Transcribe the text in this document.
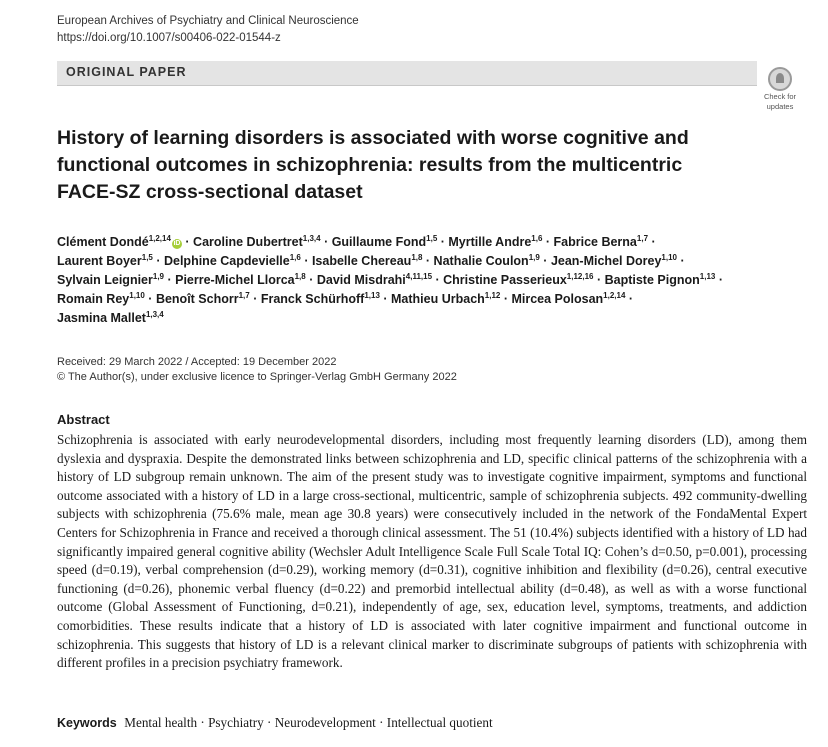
European Archives of Psychiatry and Clinical Neuroscience
https://doi.org/10.1007/s00406-022-01544-z
ORIGINAL PAPER
Check for
updates
History of learning disorders is associated with worse cognitive and functional outcomes in schizophrenia: results from the multicentric FACE-SZ cross-sectional dataset
Clément Dondé$^{1,2,14}$iD · Caroline Dubertret$^{1,3,4}$ · Guillaume Fond$^{1,5}$ · Myrtille Andre$^{1,6}$ · Fabrice Berna$^{1,7}$ ·
Laurent Boyer$^{1,5}$ · Delphine Capdevielle$^{1,6}$ · Isabelle Chereau$^{1,8}$ · Nathalie Coulon$^{1,9}$ · Jean-Michel Dorey$^{1,10}$ ·
Sylvain Leignier$^{1,9}$ · Pierre-Michel Llorca$^{1,8}$ · David Misdrahi$^{4,11,15}$ · Christine Passerieux$^{1,12,16}$ · Baptiste Pignon$^{1,13}$ ·
Romain Rey$^{1,10}$ · Benoît Schorr$^{1,7}$ · Franck Schürhoff$^{1,13}$ · Mathieu Urbach$^{1,12}$ · Mircea Polosan$^{1,2,14}$ ·
Jasmina Mallet$^{1,3,4}$
Received: 29 March 2022 / Accepted: 19 December 2022
© The Author(s), under exclusive licence to Springer-Verlag GmbH Germany 2022
Abstract
Schizophrenia is associated with early neurodevelopmental disorders, including most frequently learning disorders (LD), among them dyslexia and dyspraxia. Despite the demonstrated links between schizophrenia and LD, specific clinical patterns of the schizophrenia with a history of LD subgroup remain unknown. The aim of the present study was to investigate cognitive impairment, symptoms and functional outcome associated with a history of LD in a large cross-sectional, multicentric, sample of schizophrenia subjects. 492 community-dwelling subjects with schizophrenia (75.6% male, mean age 30.8 years) were consecutively included in the network of the FondaMental Expert Centers for Schizophrenia in France and received a thorough clinical assessment. The 51 (10.4%) subjects identified with a history of LD had significantly impaired general cognitive ability (Wechsler Adult Intelligence Scale Full Scale Total IQ: Cohen’s d=0.50, p=0.001), processing speed (d=0.19), verbal comprehension (d=0.29), working memory (d=0.31), cognitive inhibition and flexibility (d=0.26), central executive functioning (d=0.26), phonemic verbal fluency (d=0.22) and premorbid intellectual ability (d=0.48), as well as with a worse functional outcome (Global Assessment of Functioning, d=0.21), independently of age, sex, education level, symptoms, treatments, and addiction comorbidities. These results indicate that a history of LD is associated with later cognitive impairment and functional outcome in schizophrenia. This suggests that history of LD is a relevant clinical marker to discriminate subgroups of patients with schizophrenia with different profiles in a precision psychiatry framework.
Keywords Mental health · Psychiatry · Neurodevelopment · Intellectual quotient
